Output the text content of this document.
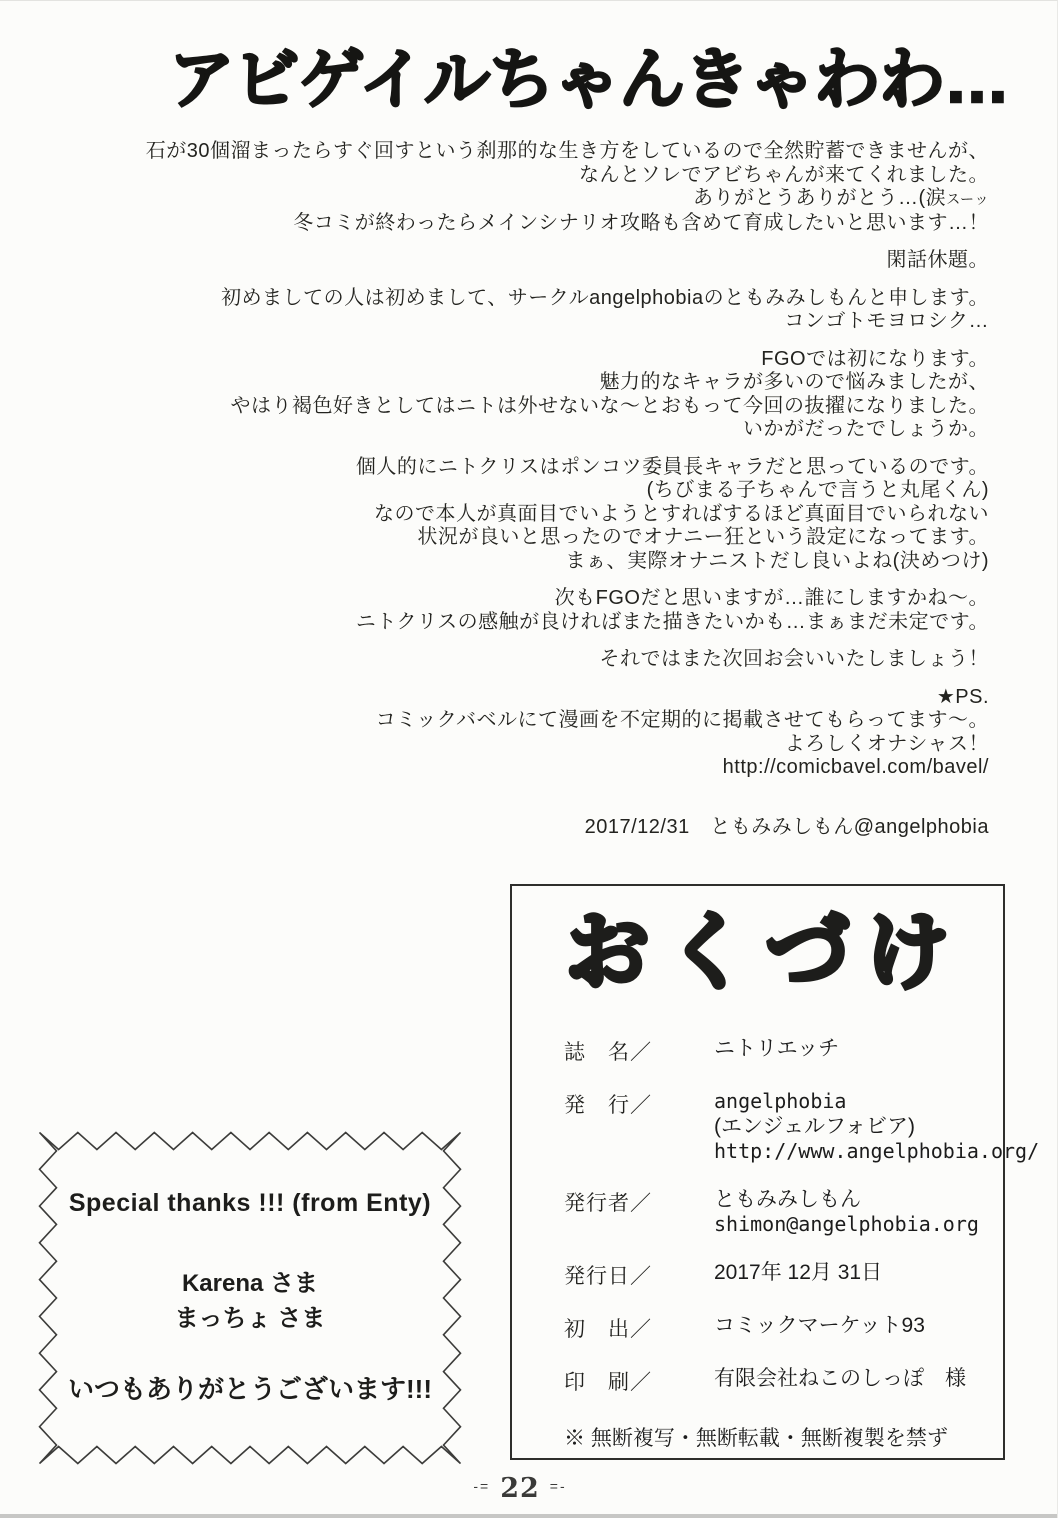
アビゲイルちゃんきゃわわ…
石が30個溜まったらすぐ回すという刹那的な生き方をしているので全然貯蓄できませんが、
なんとソレでアビちゃんが来てくれました。
ありがとうありがとう…(涙スーッ
冬コミが終わったらメインシナリオ攻略も含めて育成したいと思います…！
閑話休題。
初めましての人は初めまして、サークルangelphobiaのともみみしもんと申します。
コンゴトモヨロシク…
FGOでは初になります。
魅力的なキャラが多いので悩みましたが、
やはり褐色好きとしてはニトは外せないな〜とおもって今回の抜擢になりました。
いかがだったでしょうか。
個人的にニトクリスはポンコツ委員長キャラだと思っているのです。
(ちびまる子ちゃんで言うと丸尾くん)
なので本人が真面目でいようとすればするほど真面目でいられない
状況が良いと思ったのでオナニー狂という設定になってます。
まぁ、実際オナニストだし良いよね(決めつけ)
次もFGOだと思いますが…誰にしますかね〜。
ニトクリスの感触が良ければまた描きたいかも…まぁまだ未定です。
それではまた次回お会いいたしましょう！
★PS.
コミックバベルにて漫画を不定期的に掲載させてもらってます〜。
よろしくオナシャス！
http://comicbavel.com/bavel/
2017/12/31　ともみみしもん@angelphobia
おくづけ
誌　名／	ニトリエッチ
発　行／	angelphobia
(エンジェルフォビア)
http://www.angelphobia.org/
発行者／	ともみみしもん
shimon@angelphobia.org
発行日／	2017年 12月 31日
初　出／	コミックマーケット93
印　刷／	有限会社ねこのしっぽ　様
※ 無断複写・無断転載・無断複製を禁ず
Special thanks !!! (from Enty)
Karena さま
まっちょ さま
いつもありがとうございます!!!
-= 22 =-
